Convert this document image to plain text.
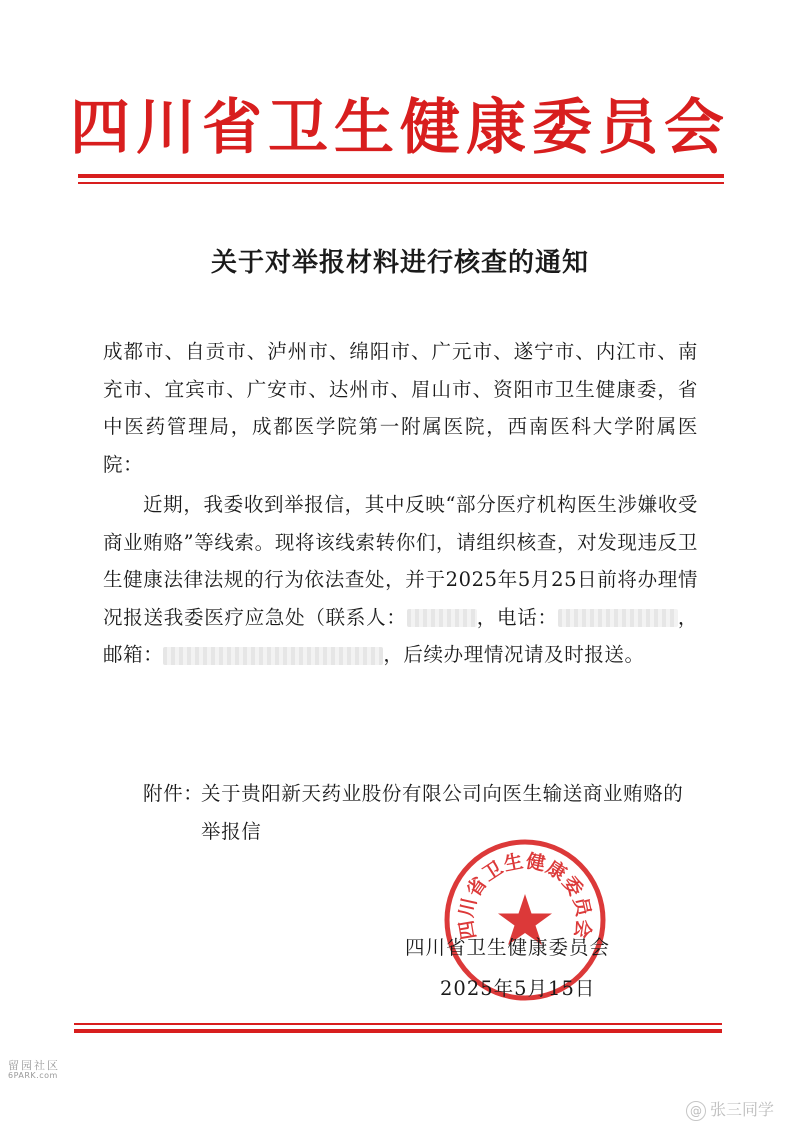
四川省卫生健康委员会
关于对举报材料进行核查的通知
成都市、自贡市、泸州市、绵阳市、广元市、遂宁市、内江市、南充市、宜宾市、广安市、达州市、眉山市、资阳市卫生健康委，省中医药管理局，成都医学院第一附属医院，西南医科大学附属医院：
近期，我委收到举报信，其中反映“部分医疗机构医生涉嫌收受商业贿赂”等线索。现将该线索转你们，请组织核查，对发现违反卫生健康法律法规的行为依法查处，并于2025年5月25日前将办理情况报送我委医疗应急处（联系人：	，电话：	，邮箱：	，后续办理情况请及时报送。
附件：
关于贵阳新天药业股份有限公司向医生输送商业贿赂的举报信
四川省卫生健康委员会
四川省卫生健康委员会
2025年5月15日
留园社区
6PARK.com
@ 张三同学
